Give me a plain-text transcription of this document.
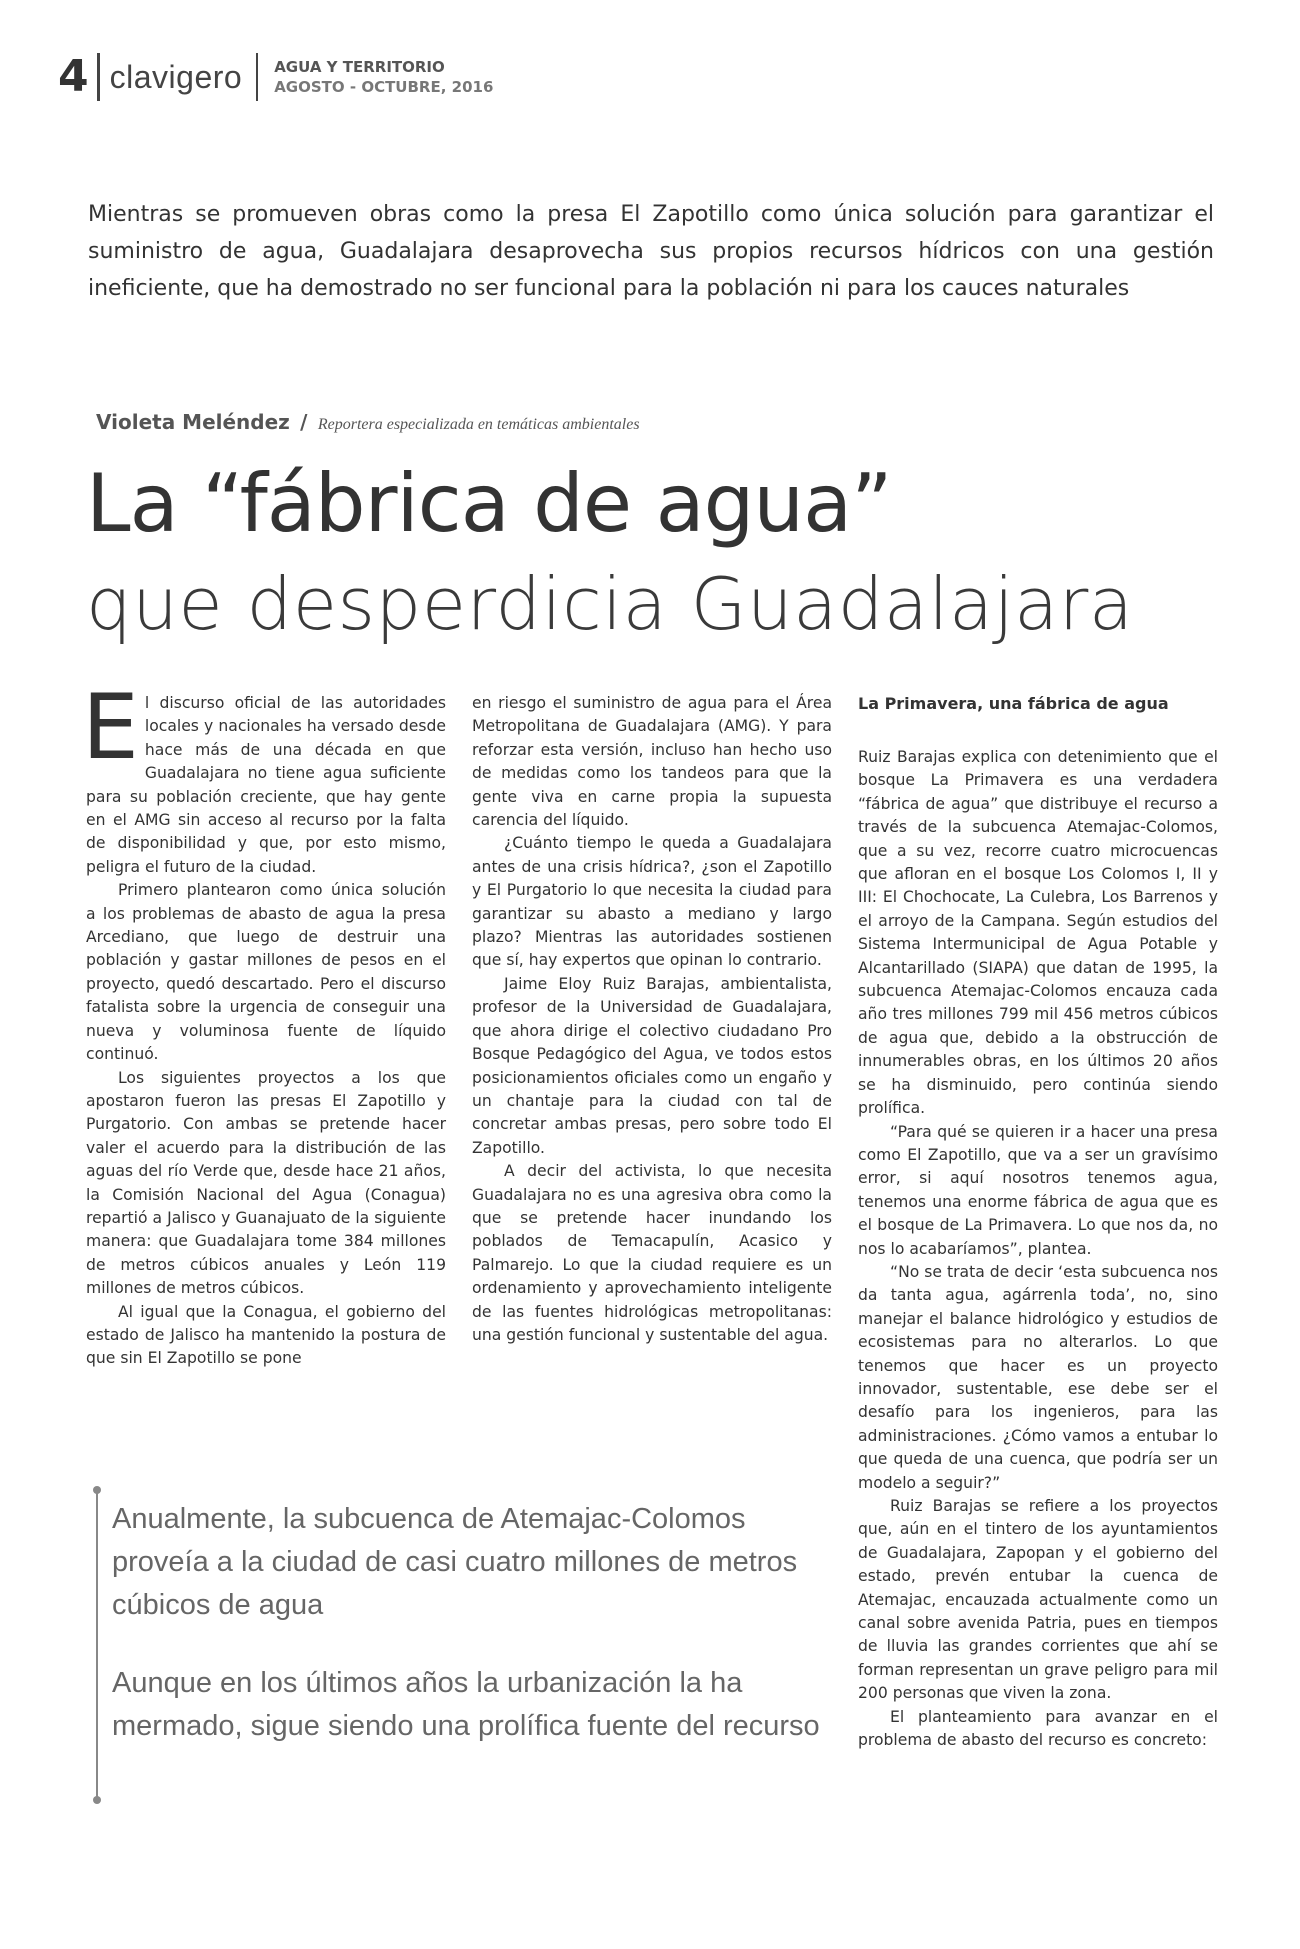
4 clavigero AGUA Y TERRITORIO
AGOSTO - OCTUBRE, 2016

Mientras se promueven obras como la presa El Zapotillo como única solución para garantizar el suministro de agua, Guadalajara desaprovecha sus propios recursos hídricos con una gestión ineficiente, que ha demostrado no ser funcional para la población ni para los cauces naturales

Violeta Meléndez / Reportera especializada en temáticas ambientales
La “fábrica de agua”
que desperdicia Guadalajara

El discurso oficial de las autoridades locales y nacionales ha versado desde hace más de una década en que Guadalajara no tiene agua suficiente para su población creciente, que hay gente en el AMG sin acceso al recurso por la falta de disponibilidad y que, por esto mismo, peligra el futuro de la ciudad.

Primero plantearon como única solución a los problemas de abasto de agua la presa Arcediano, que luego de destruir una población y gastar millones de pesos en el proyecto, quedó descartado. Pero el discurso fatalista sobre la urgencia de conseguir una nueva y voluminosa fuente de líquido continuó.

Los siguientes proyectos a los que apostaron fueron las presas El Zapotillo y Purgatorio. Con ambas se pretende hacer valer el acuerdo para la distribución de las aguas del río Verde que, desde hace 21 años, la Comisión Nacional del Agua (Conagua) repartió a Jalisco y Guanajuato de la siguiente manera: que Guadalajara tome 384 millones de metros cúbicos anuales y León 119 millones de metros cúbicos.

Al igual que la Conagua, el gobierno del estado de Jalisco ha mantenido la postura de que sin El Zapotillo se pone

en riesgo el suministro de agua para el Área Metropolitana de Guadalajara (AMG). Y para reforzar esta versión, incluso han hecho uso de medidas como los tandeos para que la gente viva en carne propia la supuesta carencia del líquido.

¿Cuánto tiempo le queda a Guadalajara antes de una crisis hídrica?, ¿son el Zapotillo y El Purgatorio lo que necesita la ciudad para garantizar su abasto a mediano y largo plazo? Mientras las autoridades sostienen que sí, hay expertos que opinan lo contrario.

Jaime Eloy Ruiz Barajas, ambientalista, profesor de la Universidad de Guadalajara, que ahora dirige el colectivo ciudadano Pro Bosque Pedagógico del Agua, ve todos estos posicionamientos oficiales como un engaño y un chantaje para la ciudad con tal de concretar ambas presas, pero sobre todo El Zapotillo.

A decir del activista, lo que necesita Guadalajara no es una agresiva obra como la que se pretende hacer inundando los poblados de Temacapulín, Acasico y Palmarejo. Lo que la ciudad requiere es un ordenamiento y aprovechamiento inteligente de las fuentes hidrológicas metropolitanas: una gestión funcional y sustentable del agua.

La Primavera, una fábrica de agua

Ruiz Barajas explica con detenimiento que el bosque La Primavera es una verdadera “fábrica de agua” que distribuye el recurso a través de la subcuenca Atemajac-Colomos, que a su vez, recorre cuatro microcuencas que afloran en el bosque Los Colomos I, II y III: El Chochocate, La Culebra, Los Barrenos y el arroyo de la Campana. Según estudios del Sistema Intermunicipal de Agua Potable y Alcantarillado (SIAPA) que datan de 1995, la subcuenca Atemajac-Colomos encauza cada año tres millones 799 mil 456 metros cúbicos de agua que, debido a la obstrucción de innumerables obras, en los últimos 20 años se ha disminuido, pero continúa siendo prolífica.

“Para qué se quieren ir a hacer una presa como El Zapotillo, que va a ser un gravísimo error, si aquí nosotros tenemos agua, tenemos una enorme fábrica de agua que es el bosque de La Primavera. Lo que nos da, no nos lo acabaríamos”, plantea.

“No se trata de decir ‘esta subcuenca nos da tanta agua, agárrenla toda’, no, sino manejar el balance hidrológico y estudios de ecosistemas para no alterarlos. Lo que tenemos que hacer es un proyecto innovador, sustentable, ese debe ser el desafío para los ingenieros, para las administraciones. ¿Cómo vamos a entubar lo que queda de una cuenca, que podría ser un modelo a seguir?”

Ruiz Barajas se refiere a los proyectos que, aún en el tintero de los ayuntamientos de Guadalajara, Zapopan y el gobierno del estado, prevén entubar la cuenca de Atemajac, encauzada actualmente como un canal sobre avenida Patria, pues en tiempos de lluvia las grandes corrientes que ahí se forman representan un grave peligro para mil 200 personas que viven la zona.

El planteamiento para avanzar en el problema de abasto del recurso es concreto:

Anualmente, la subcuenca de Atemajac-Colomos proveía a la ciudad de casi cuatro millones de metros cúbicos de agua

Aunque en los últimos años la urbanización la ha mermado, sigue siendo una prolífica fuente del recurso
